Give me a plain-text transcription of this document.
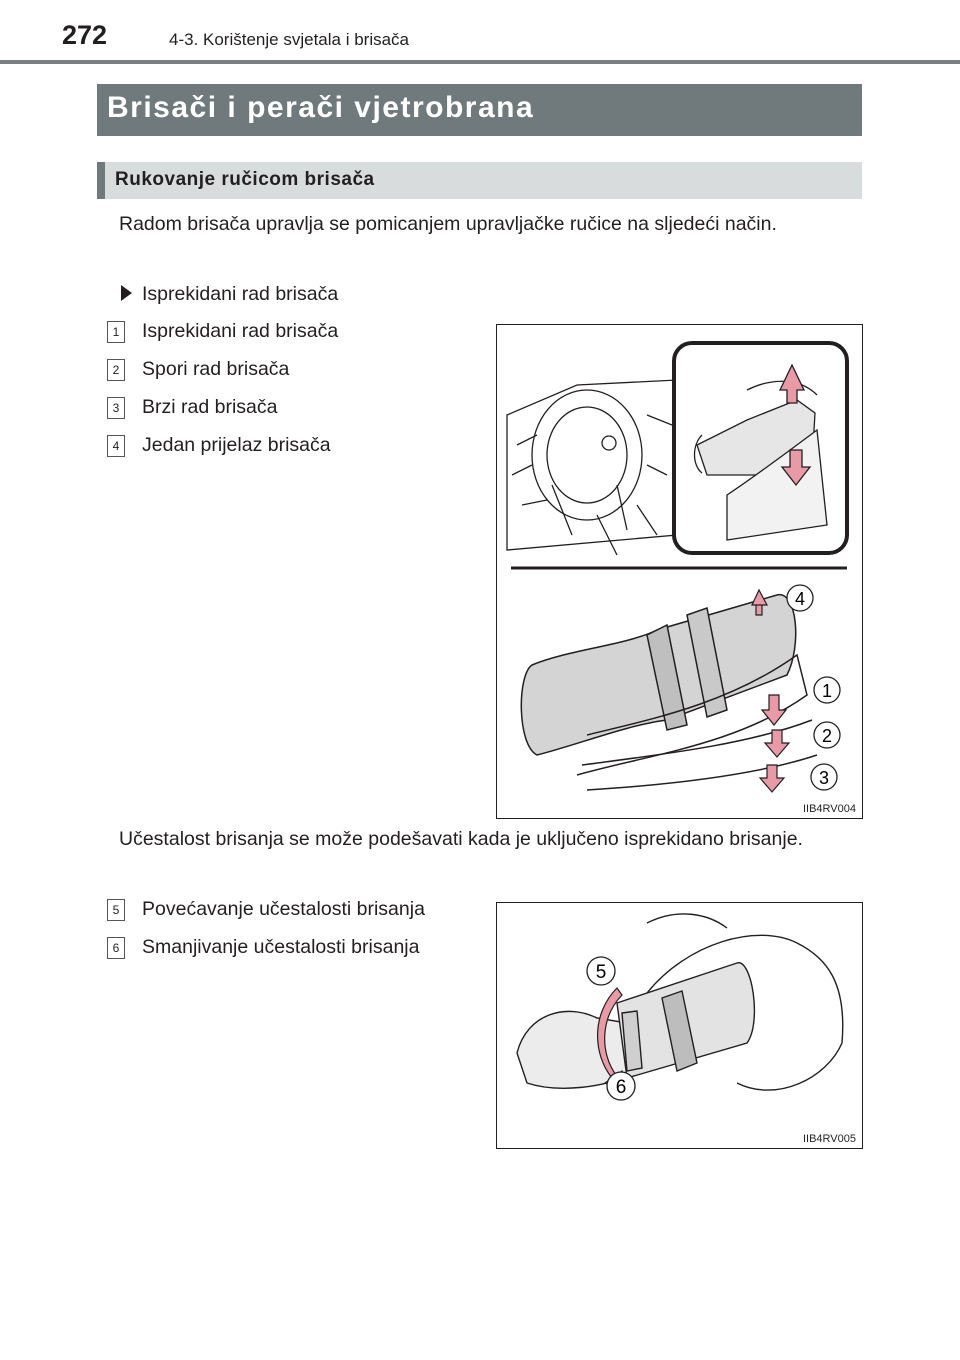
272	4-3. Korištenje svjetala i brisača
Brisači i perači vjetrobrana
Rukovanje ručicom brisača
Radom brisača upravlja se pomicanjem upravljačke ručice na sljedeći način.
Isprekidani rad brisača
1 Isprekidani rad brisača
2 Spori rad brisača
3 Brzi rad brisača
4 Jedan prijelaz brisača
4
1
2
3
IIB4RV004
Učestalost brisanja se može podešavati kada je uključeno isprekidano brisanje.
5 Povećavanje učestalosti brisanja
6 Smanjivanje učestalosti brisanja
5
6
IIB4RV005
